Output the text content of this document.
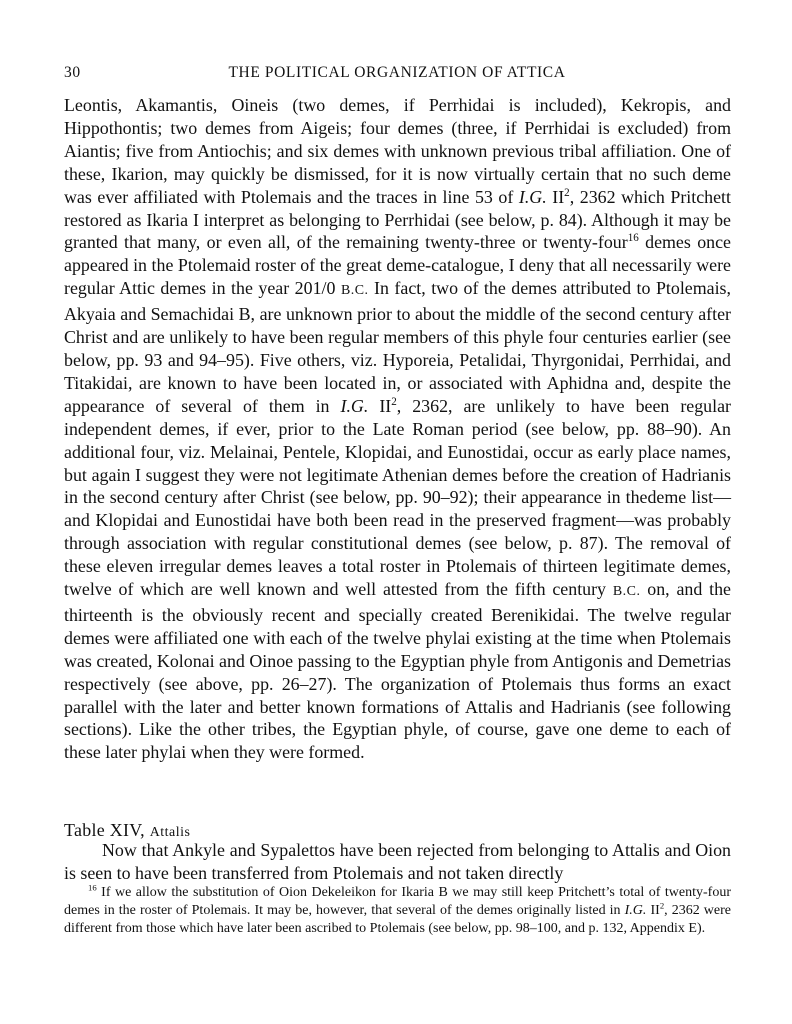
30	THE POLITICAL ORGANIZATION OF ATTICA

Leontis, Akamantis, Oineis (two demes, if Perrhidai is included), Kekropis, and Hippothontis; two demes from Aigeis; four demes (three, if Perrhidai is excluded) from Aiantis; five from Antiochis; and six demes with unknown previous tribal affiliation. One of these, Ikarion, may quickly be dismissed, for it is now virtually certain that no such deme was ever affiliated with Ptolemais and the traces in line 53 of I.G. $II^2$, 2362 which Pritchett restored as Ikaria I interpret as belonging to Perrhidai (see below, p. 84). Although it may be granted that many, or even all, of the remaining twenty-three or twenty-four$^{16}$ demes once appeared in the Ptolemaid roster of the great deme-catalogue, I deny that all necessarily were regular Attic demes in the year 201/0 B.C. In fact, two of the demes attributed to Ptolemais, Akyaia and Semachidai B, are unknown prior to about the middle of the second century after Christ and are unlikely to have been regular members of this phyle four centuries earlier (see below, pp. 93 and 94–95). Five others, viz. Hyporeia, Petalidai, Thyrgonidai, Perrhidai, and Titakidai, are known to have been located in, or associated with Aphidna and, despite the appearance of several of them in I.G. $II^2$, 2362, are unlikely to have been regular independent demes, if ever, prior to the Late Roman period (see below, pp. 88–90). An additional four, viz. Melainai, Pentele, Klopidai, and Eunostidai, occur as early place names, but again I suggest they were not legitimate Athenian demes before the creation of Hadrianis in the second century after Christ (see below, pp. 90–92); their appearance in thedeme list—and Klopidai and Eunostidai have both been read in the preserved fragment—was probably through association with regular constitutional demes (see below, p. 87). The removal of these eleven irregular demes leaves a total roster in Ptolemais of thirteen legitimate demes, twelve of which are well known and well attested from the fifth century B.C. on, and the thirteenth is the obviously recent and specially created Berenikidai. The twelve regular demes were affiliated one with each of the twelve phylai existing at the time when Ptolemais was created, Kolonai and Oinoe passing to the Egyptian phyle from Antigonis and Demetrias respectively (see above, pp. 26–27). The organization of Ptolemais thus forms an exact parallel with the later and better known formations of Attalis and Hadrianis (see following sections). Like the other tribes, the Egyptian phyle, of course, gave one deme to each of these later phylai when they were formed.

Table XIV, Attalis

Now that Ankyle and Sypalettos have been rejected from belonging to Attalis and Oion is seen to have been transferred from Ptolemais and not taken directly

$^{16}$ If we allow the substitution of Oion Dekeleikon for Ikaria B we may still keep Pritchett’s total of twenty-four demes in the roster of Ptolemais. It may be, however, that several of the demes originally listed in I.G. $II^2$, 2362 were different from those which have later been ascribed to Ptolemais (see below, pp. 98–100, and p. 132, Appendix E).
